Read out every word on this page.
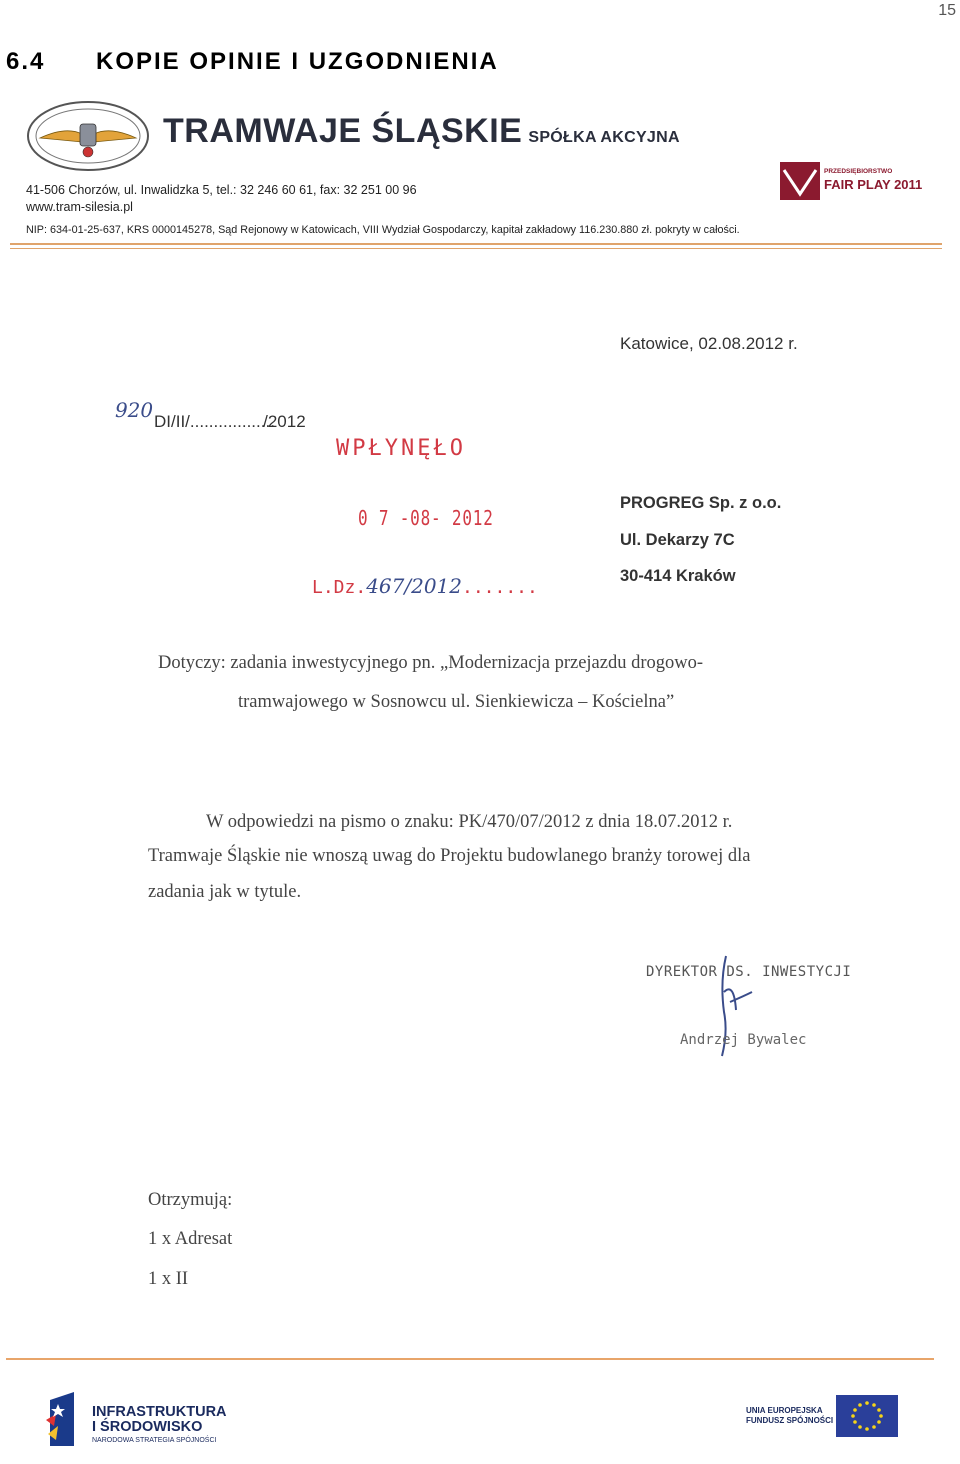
15
6.4 KOPIE OPINIE I UZGODNIENIA
TRAMWAJE ŚLĄSKIE SPÓŁKA AKCYJNA
41-506 Chorzów, ul. Inwalidzka 5, tel.: 32 246 60 61, fax: 32 251 00 96
www.tram-silesia.pl
NIP: 634-01-25-637, KRS 0000145278, Sąd Rejonowy w Katowicach, VIII Wydział Gospodarczy, kapitał zakładowy 116.230.880 zł. pokryty w całości.
PRZEDSIĘBIORSTWO
FAIR PLAY 2011
Katowice, 02.08.2012 r.
DI/II/..................920	/2012
WPŁYNĘŁO
0 7 -08- 2012
L.Dz.467/2012.......
PROGREG Sp. z o.o.
Ul. Dekarzy 7C
30-414 Kraków
Dotyczy: zadania inwestycyjnego pn. „Modernizacja przejazdu drogowo-
tramwajowego w Sosnowcu ul. Sienkiewicza – Kościelna”
W odpowiedzi na pismo o znaku: PK/470/07/2012 z dnia 18.07.2012 r.
Tramwaje Śląskie nie wnoszą uwag do Projektu budowlanego branży torowej dla
zadania jak w tytule.
DYREKTOR DS. INWESTYCJI
Andrzej Bywalec
Otrzymują:
1 x Adresat
1 x II
INFRASTRUKTURA
I ŚRODOWISKO
NARODOWA STRATEGIA SPÓJNOŚCI
UNIA EUROPEJSKA
FUNDUSZ SPÓJNOŚCI
